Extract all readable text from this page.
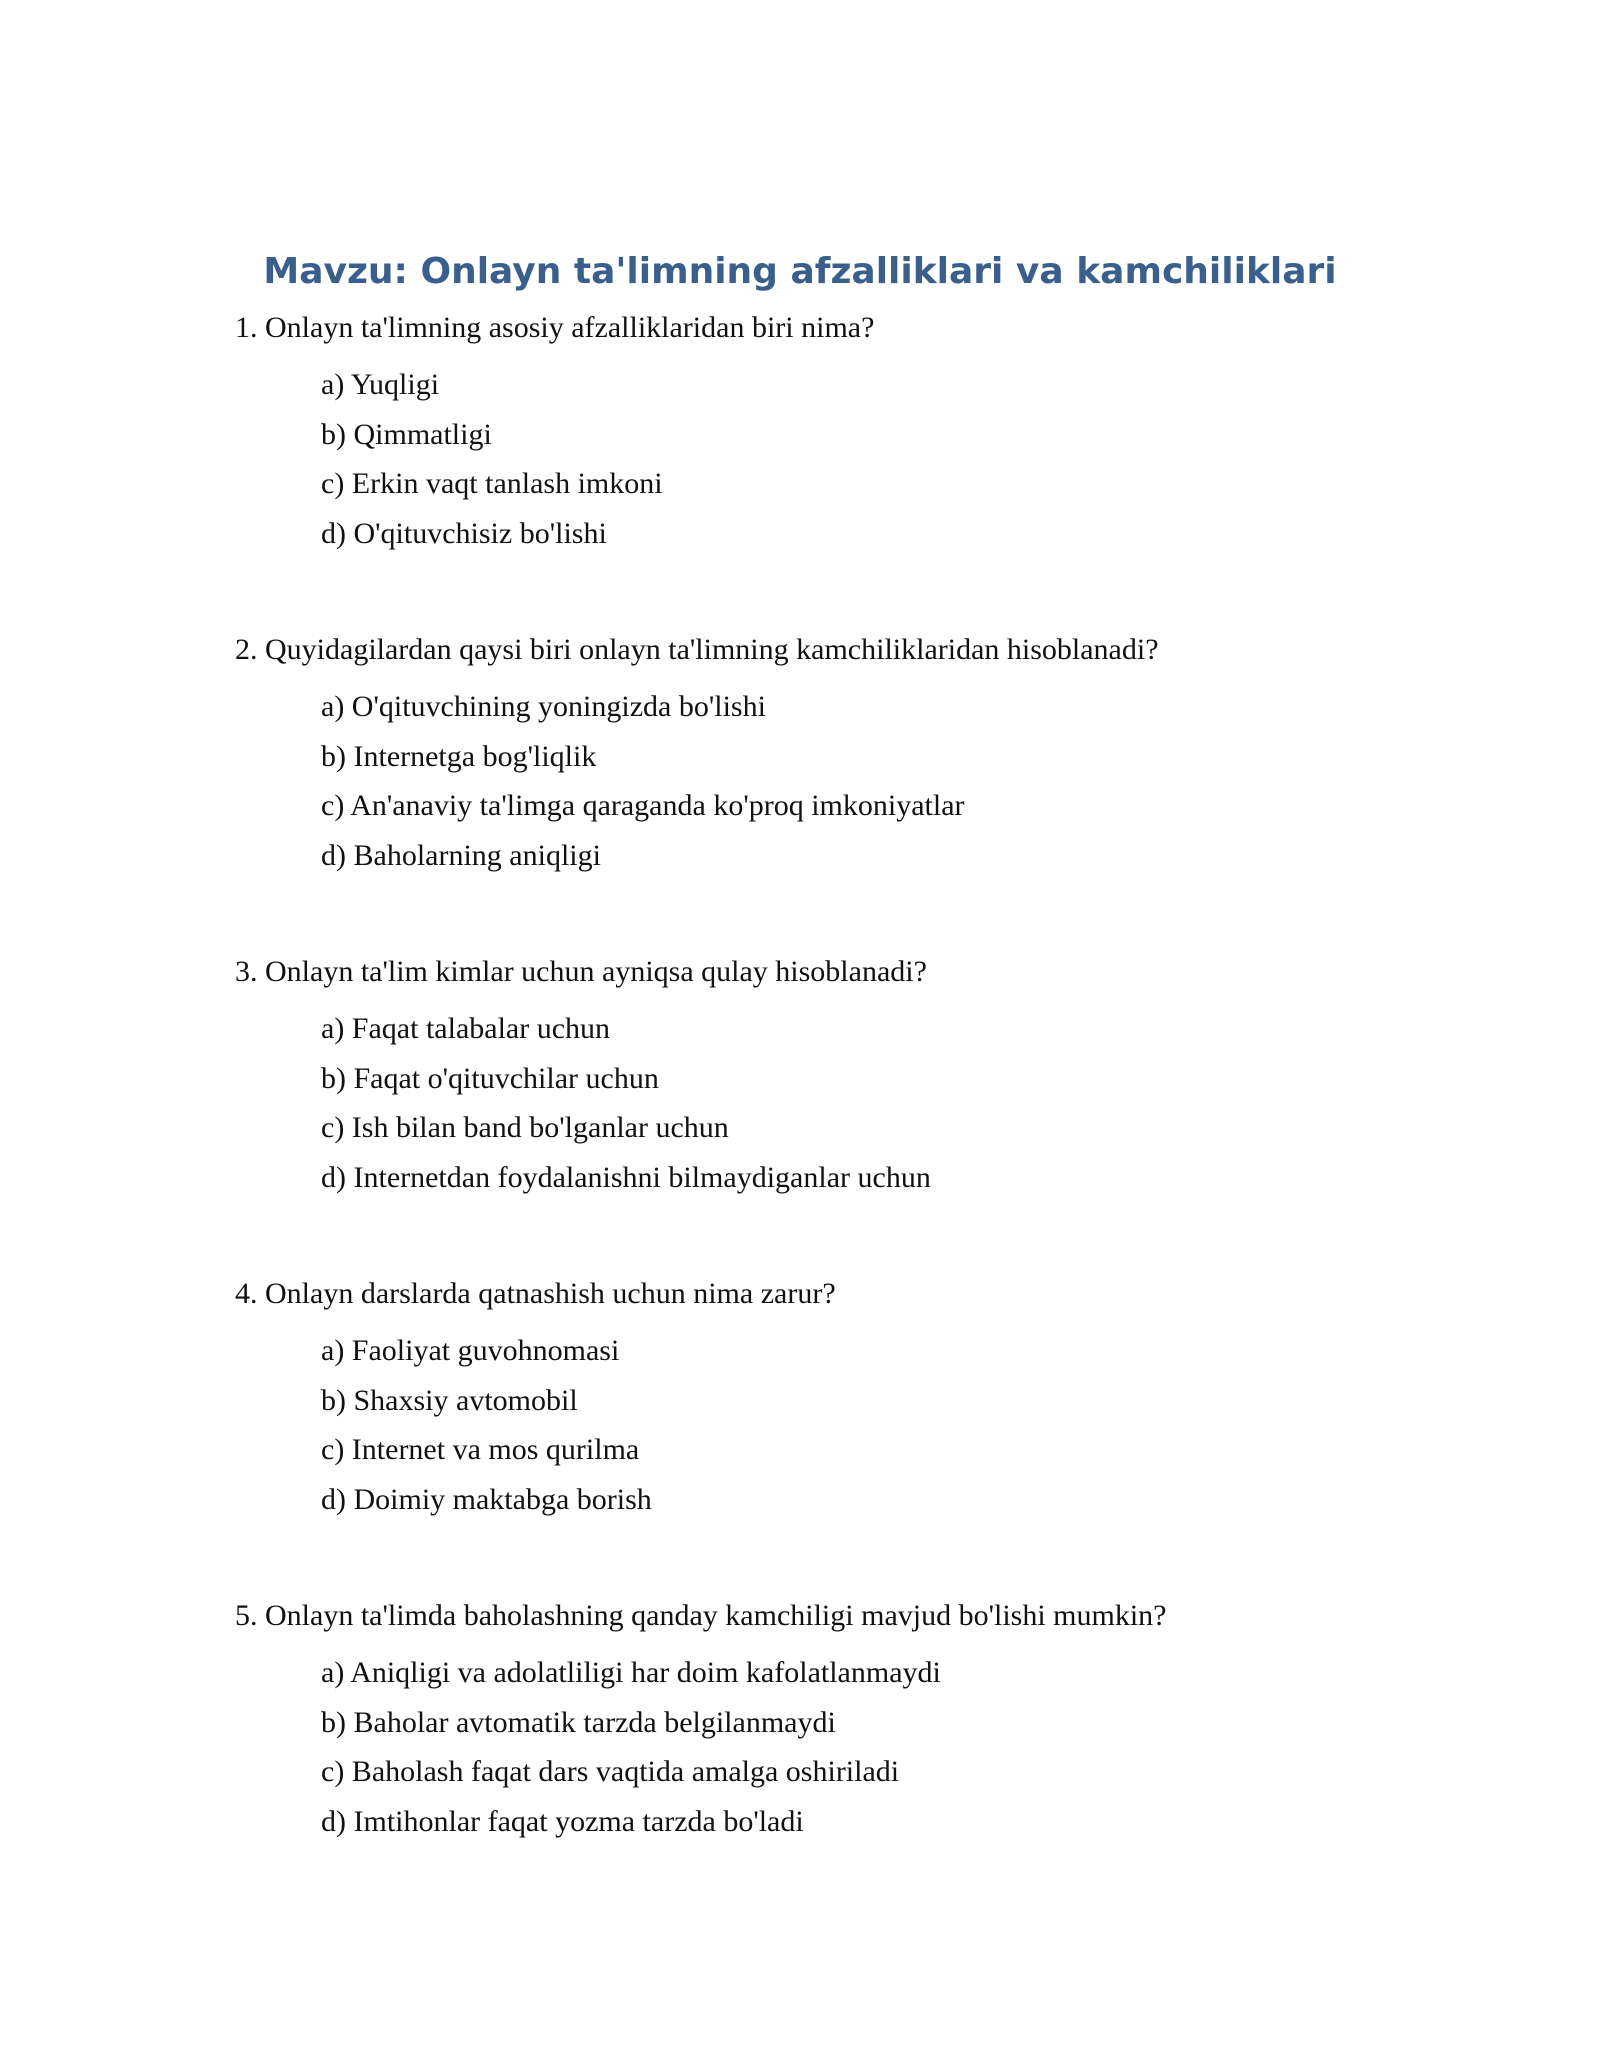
Mavzu: Onlayn ta'limning afzalliklari va kamchiliklari

1. Onlayn ta'limning asosiy afzalliklaridan biri nima?

a) Yuqligi
b) Qimmatligi
c) Erkin vaqt tanlash imkoni
d) O'qituvchisiz bo'lishi

2. Quyidagilardan qaysi biri onlayn ta'limning kamchiliklaridan hisoblanadi?

a) O'qituvchining yoningizda bo'lishi
b) Internetga bog'liqlik
c) An'anaviy ta'limga qaraganda ko'proq imkoniyatlar
d) Baholarning aniqligi

3. Onlayn ta'lim kimlar uchun ayniqsa qulay hisoblanadi?

a) Faqat talabalar uchun
b) Faqat o'qituvchilar uchun
c) Ish bilan band bo'lganlar uchun
d) Internetdan foydalanishni bilmaydiganlar uchun

4. Onlayn darslarda qatnashish uchun nima zarur?

a) Faoliyat guvohnomasi
b) Shaxsiy avtomobil
c) Internet va mos qurilma
d) Doimiy maktabga borish

5. Onlayn ta'limda baholashning qanday kamchiligi mavjud bo'lishi mumkin?

a) Aniqligi va adolatliligi har doim kafolatlanmaydi
b) Baholar avtomatik tarzda belgilanmaydi
c) Baholash faqat dars vaqtida amalga oshiriladi
d) Imtihonlar faqat yozma tarzda bo'ladi
